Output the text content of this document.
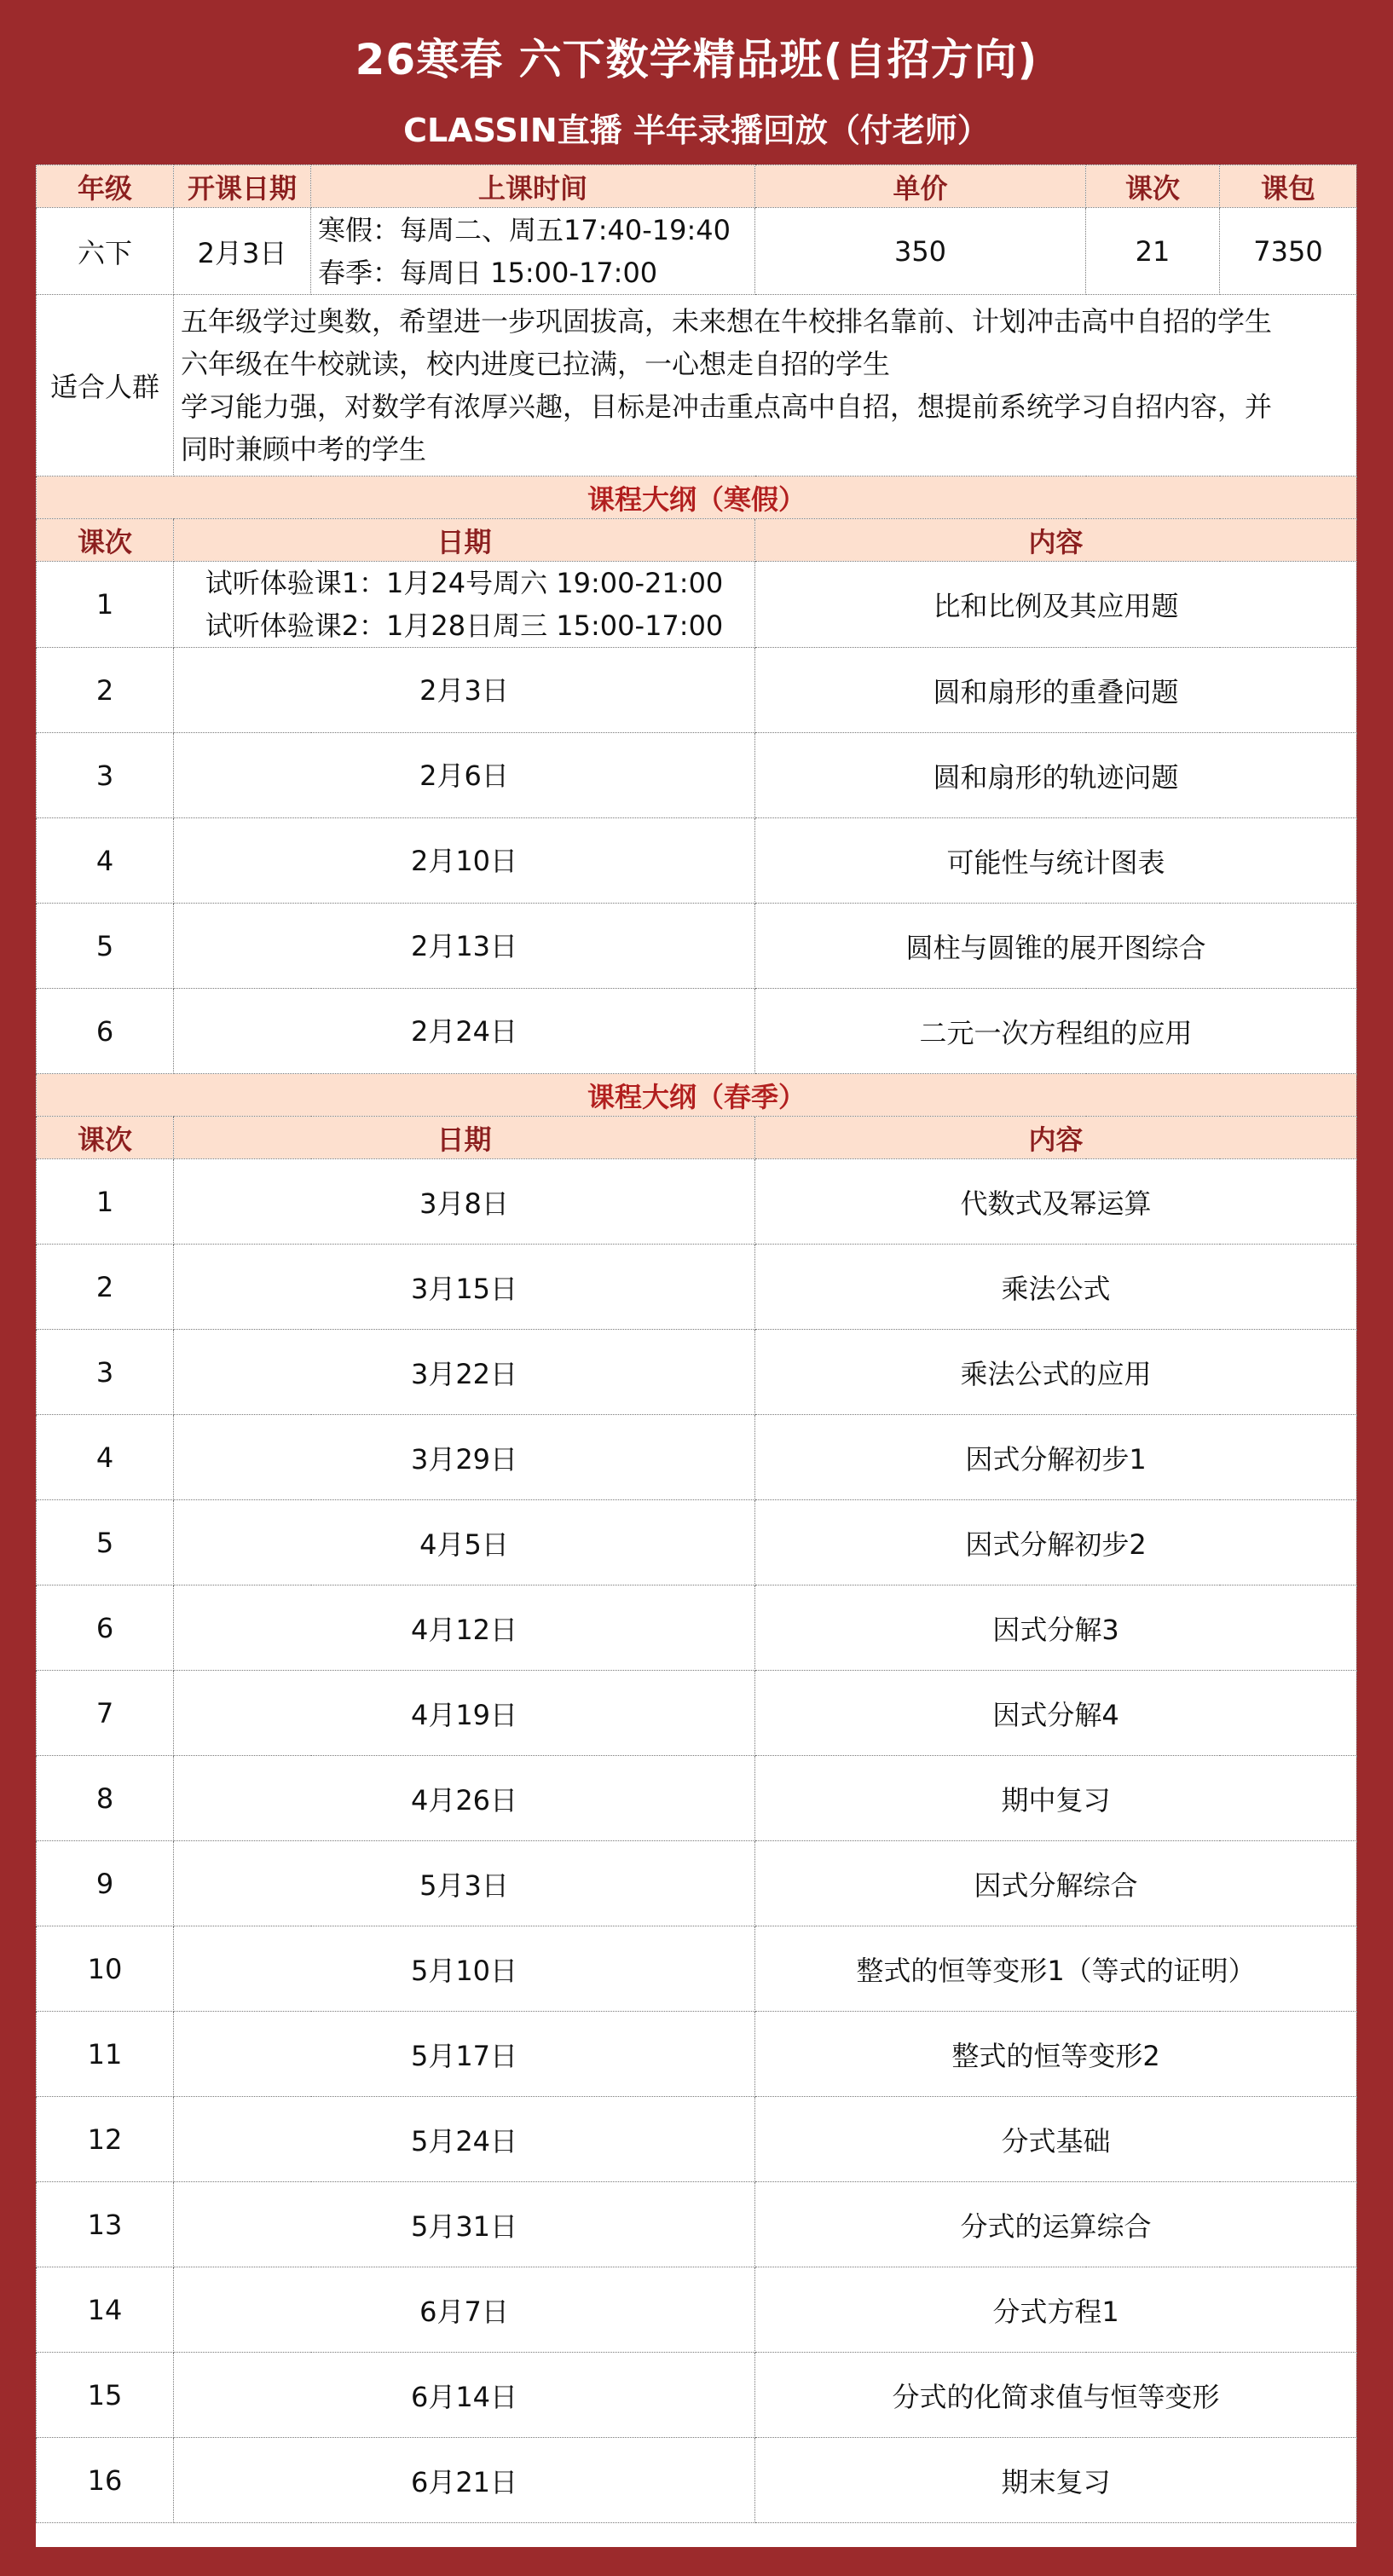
26寒春 六下数学精品班(自招方向)
CLASSIN直播 半年录播回放（付老师）
年级	开课日期	上课时间	单价	课次	课包
六下	2月3日	寒假：每周二、周五17:40-19:40
春季：每周日 15:00-17:00	350	21	7350
适合人群	五年级学过奥数，希望进一步巩固拔高，未来想在牛校排名靠前、计划冲击高中自招的学生
六年级在牛校就读，校内进度已拉满，一心想走自招的学生
学习能力强，对数学有浓厚兴趣，目标是冲击重点高中自招，想提前系统学习自招内容，并
同时兼顾中考的学生				

课程大纲（寒假）					
课次	日期		内容		
1	试听体验课1：1月24号周六 19:00-21:00
试听体验课2：1月28日周三 15:00-17:00		比和比例及其应用题		
2	2月3日		圆和扇形的重叠问题		
3	2月6日		圆和扇形的轨迹问题		
4	2月10日		可能性与统计图表		
5	2月13日		圆柱与圆锥的展开图综合		
6	2月24日		二元一次方程组的应用		
课程大纲（春季）					
课次	日期		内容		
1	3月8日		代数式及幂运算		
2	3月15日		乘法公式		
3	3月22日		乘法公式的应用		
4	3月29日		因式分解初步1		
5	4月5日		因式分解初步2		
6	4月12日		因式分解3		
7	4月19日		因式分解4		
8	4月26日		期中复习		
9	5月3日		因式分解综合		
10	5月10日		整式的恒等变形1（等式的证明）		
11	5月17日		整式的恒等变形2		
12	5月24日		分式基础		
13	5月31日		分式的运算综合		
14	6月7日		分式方程1		
15	6月14日		分式的化简求值与恒等变形		
16	6月21日		期末复习		
